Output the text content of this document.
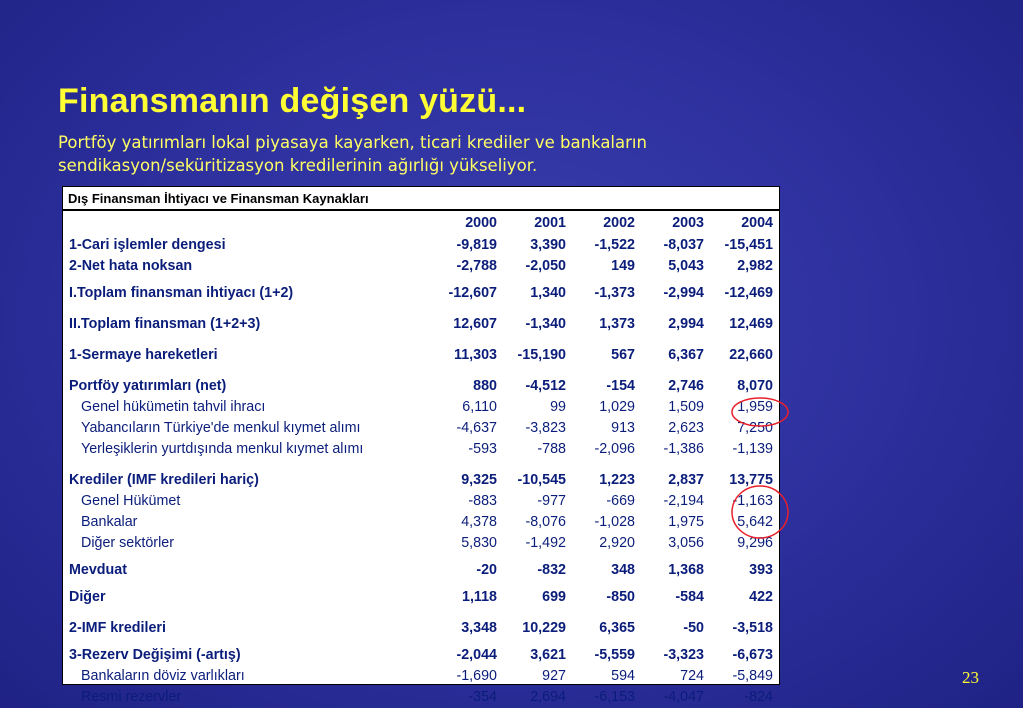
Finansmanın değişen yüzü...
Portföy yatırımları lokal piyasaya kayarken, ticari krediler ve bankaların
sendikasyon/seküritizasyon kredilerinin ağırlığı yükseliyor.
Dış Finansman İhtiyacı ve Finansman Kaynakları					
	2000	2001	2002	2003	2004
1-Cari işlemler dengesi	-9,819	3,390	-1,522	-8,037	-15,451
2-Net hata noksan	-2,788	-2,050	149	5,043	2,982
I.Toplam finansman ihtiyacı (1+2)	-12,607	1,340	-1,373	-2,994	-12,469
II.Toplam finansman (1+2+3)	12,607	-1,340	1,373	2,994	12,469
1-Sermaye hareketleri	11,303	-15,190	567	6,367	22,660
Portföy yatırımları (net)	880	-4,512	-154	2,746	8,070
Genel hükümetin tahvil ihracı	6,110	99	1,029	1,509	1,959
Yabancıların Türkiye'de menkul kıymet alımı	-4,637	-3,823	913	2,623	7,250
Yerleşiklerin yurtdışında menkul kıymet alımı	-593	-788	-2,096	-1,386	-1,139
Krediler (IMF kredileri hariç)	9,325	-10,545	1,223	2,837	13,775
Genel Hükümet	-883	-977	-669	-2,194	-1,163
Bankalar	4,378	-8,076	-1,028	1,975	5,642
Diğer sektörler	5,830	-1,492	2,920	3,056	9,296
Mevduat	-20	-832	348	1,368	393
Diğer	1,118	699	-850	-584	422
2-IMF kredileri	3,348	10,229	6,365	-50	-3,518
3-Rezerv Değişimi (-artış)	-2,044	3,621	-5,559	-3,323	-6,673
Bankaların döviz varlıkları	-1,690	927	594	724	-5,849
Resmi rezervler	-354	2,694	-6,153	-4,047	-824
23
